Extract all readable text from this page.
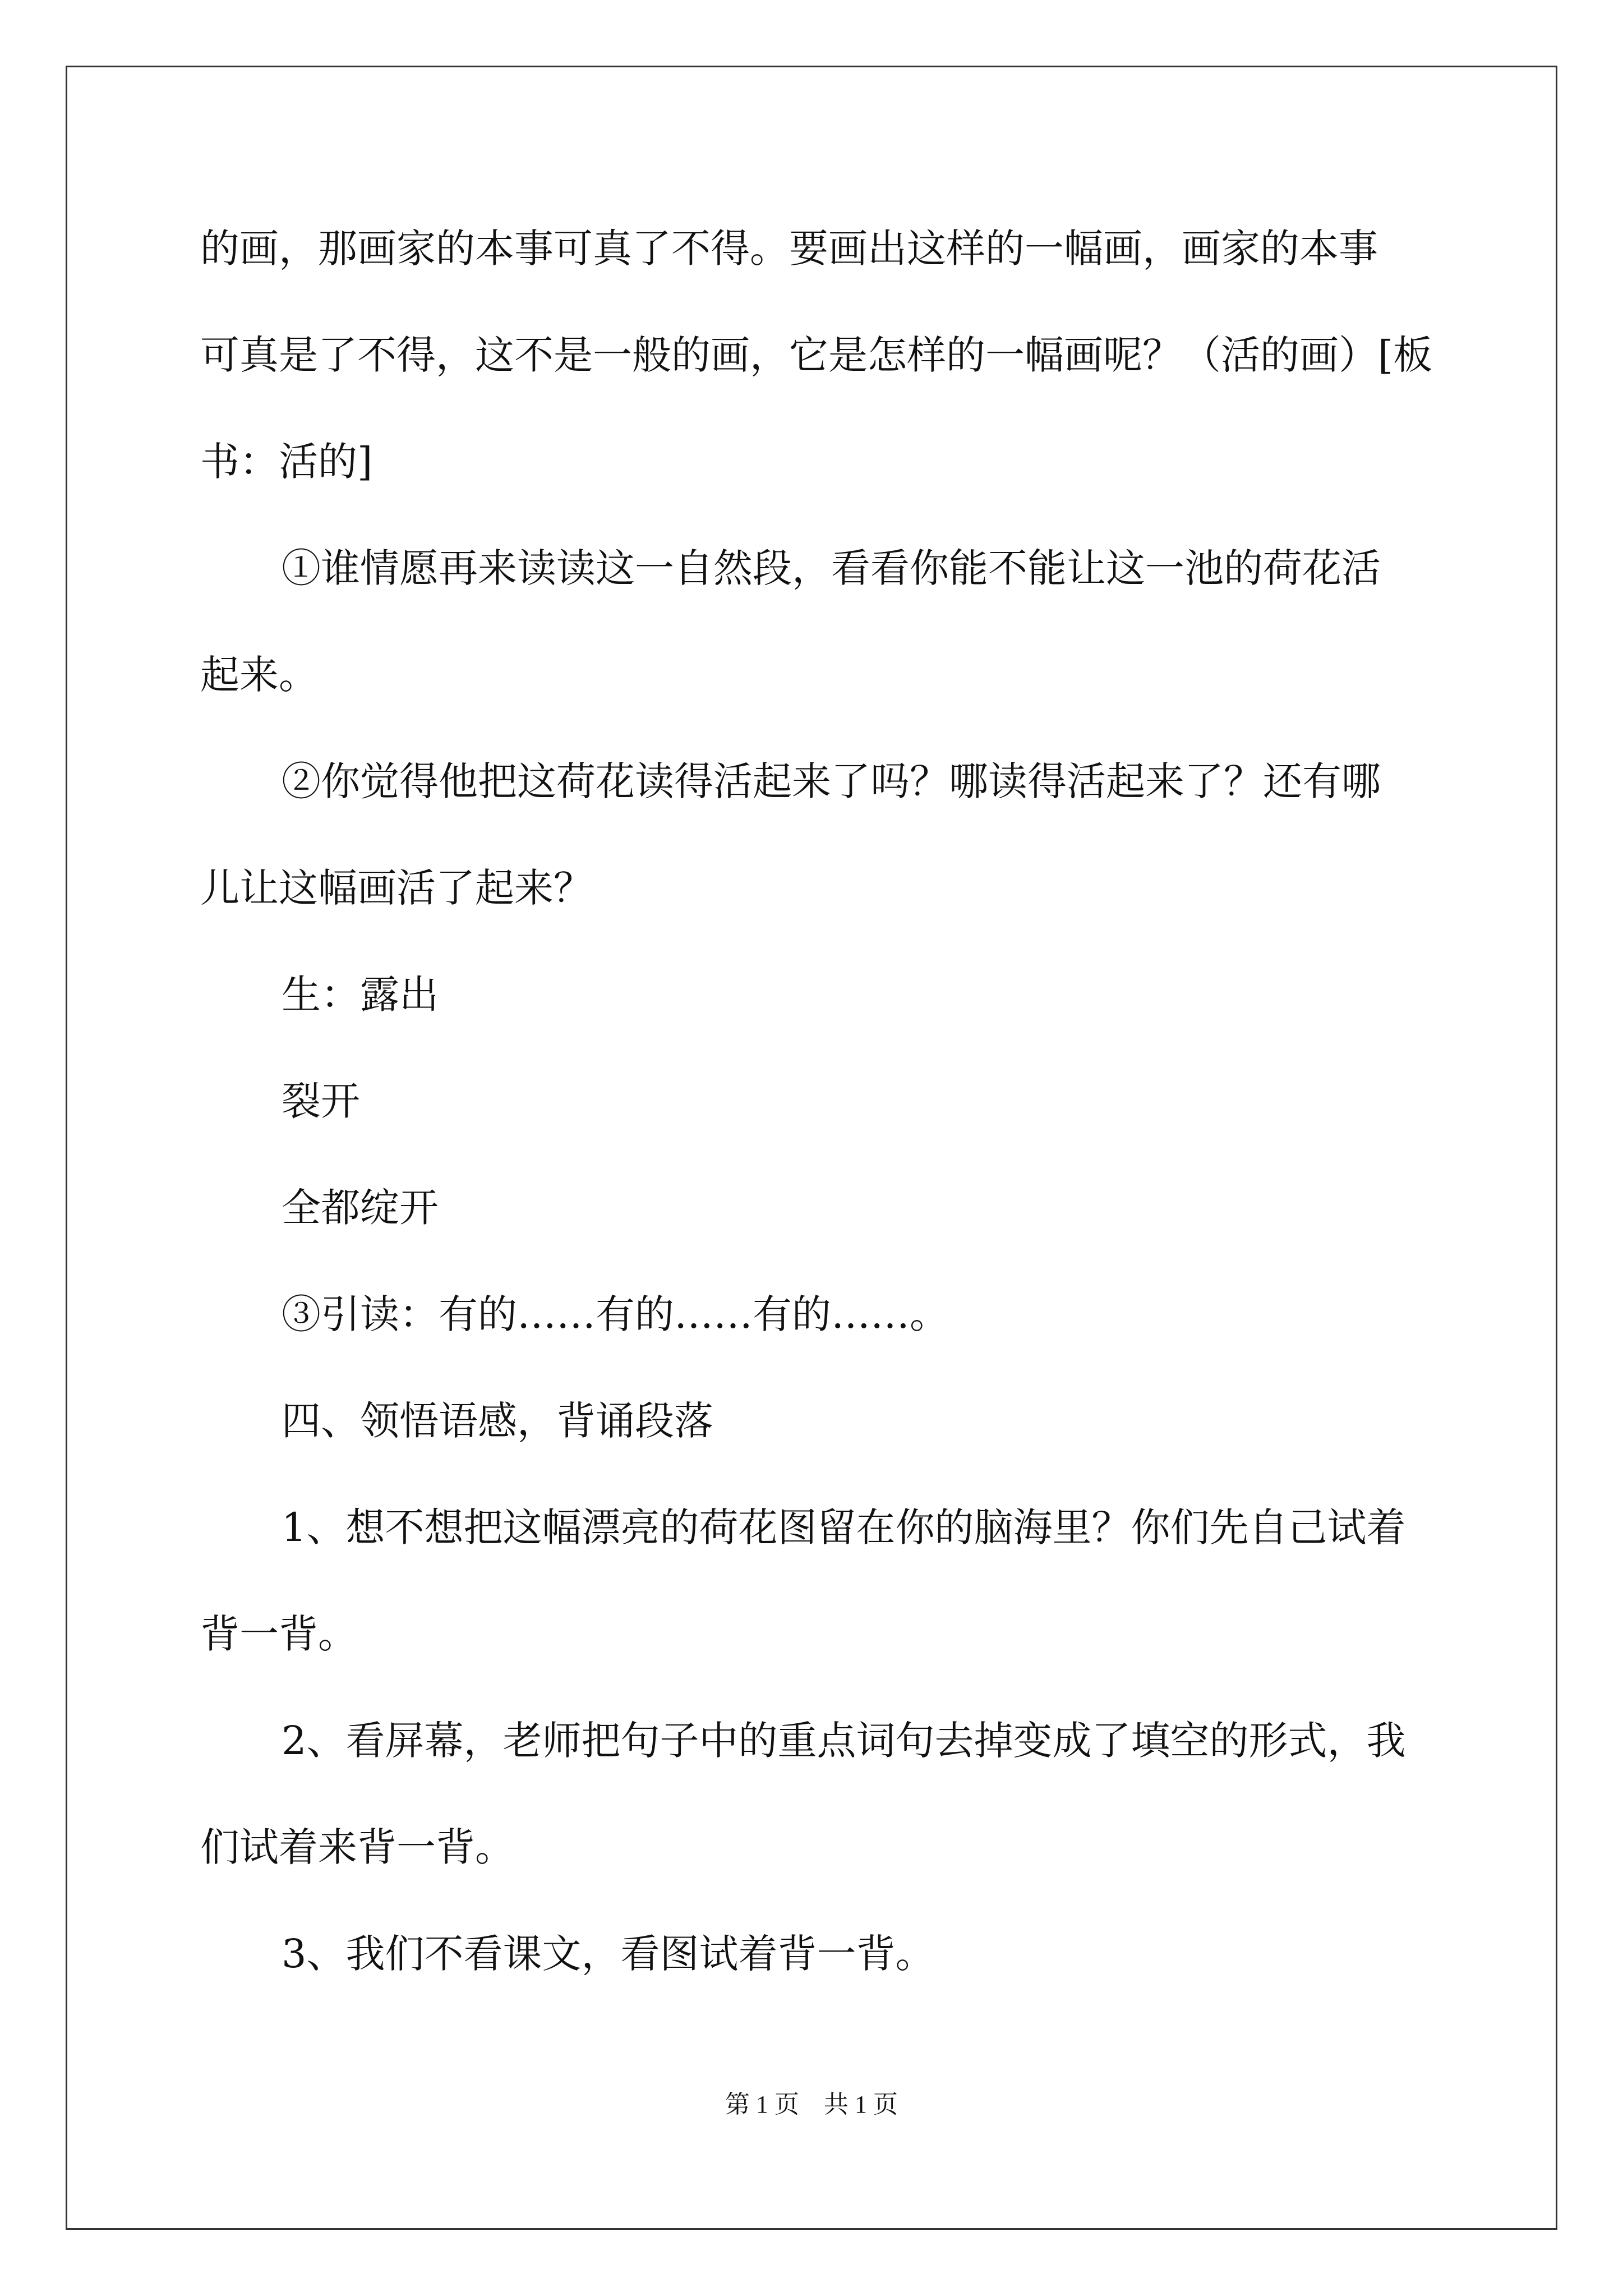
的画，那画家的本事可真了不得。要画出这样的一幅画，画家的本事
可真是了不得，这不是一般的画，它是怎样的一幅画呢？（活的画）[板
书：活的]
①谁情愿再来读读这一自然段，看看你能不能让这一池的荷花活
起来。
②你觉得他把这荷花读得活起来了吗？哪读得活起来了？还有哪
儿让这幅画活了起来？
生：露出
裂开
全都绽开
③引读：有的……有的……有的……。
四、领悟语感，背诵段落
1、想不想把这幅漂亮的荷花图留在你的脑海里？你们先自己试着
背一背。
2、看屏幕，老师把句子中的重点词句去掉变成了填空的形式，我
们试着来背一背。
3、我们不看课文，看图试着背一背。
第 1 页　共 1 页
